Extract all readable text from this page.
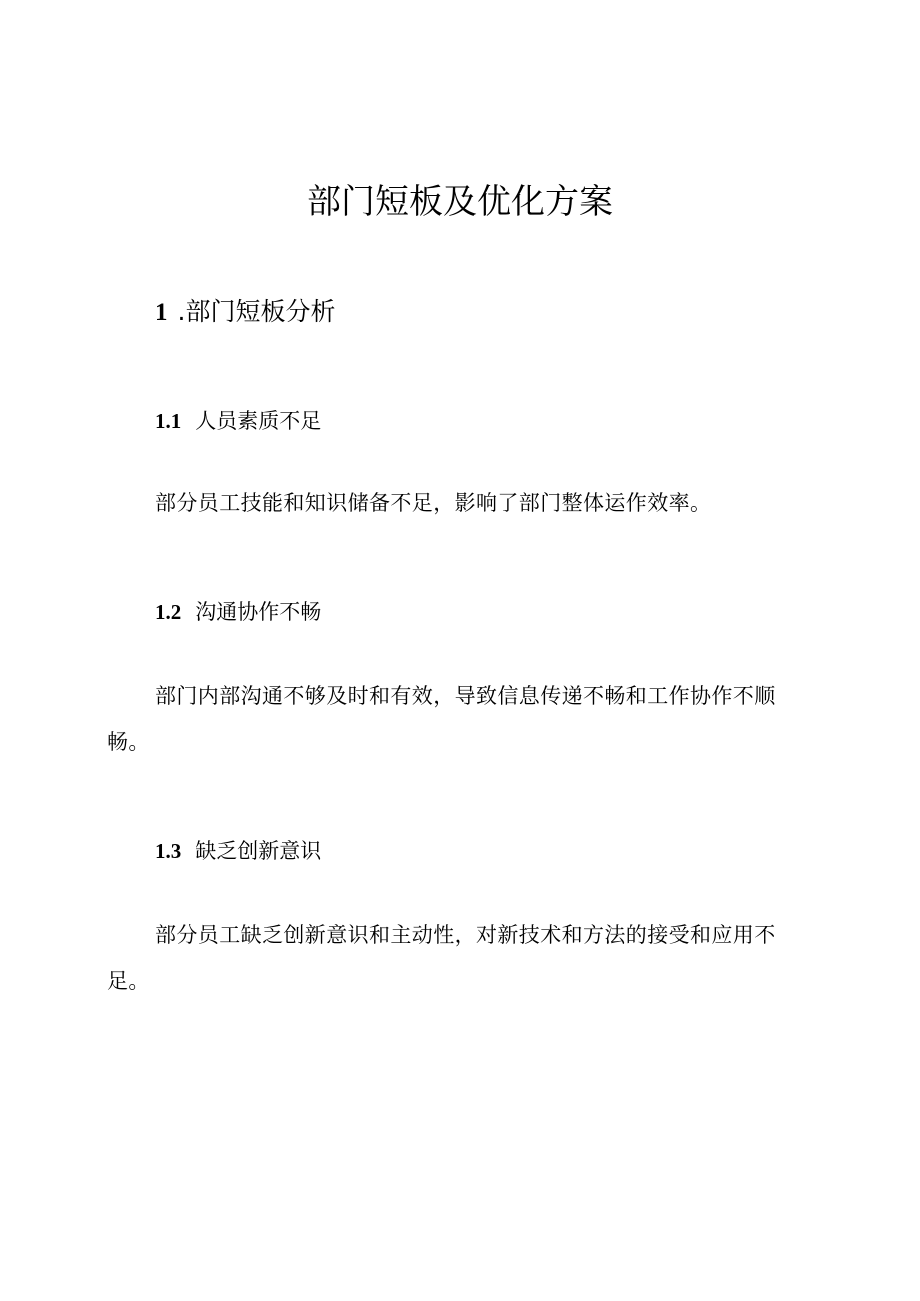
部门短板及优化方案
1 .部门短板分析
1.1 人员素质不足

部分员工技能和知识储备不足，影响了部门整体运作效率。

1.2 沟通协作不畅

部门内部沟通不够及时和有效，导致信息传递不畅和工作协作不顺畅。

1.3 缺乏创新意识

部分员工缺乏创新意识和主动性，对新技术和方法的接受和应用不足。
